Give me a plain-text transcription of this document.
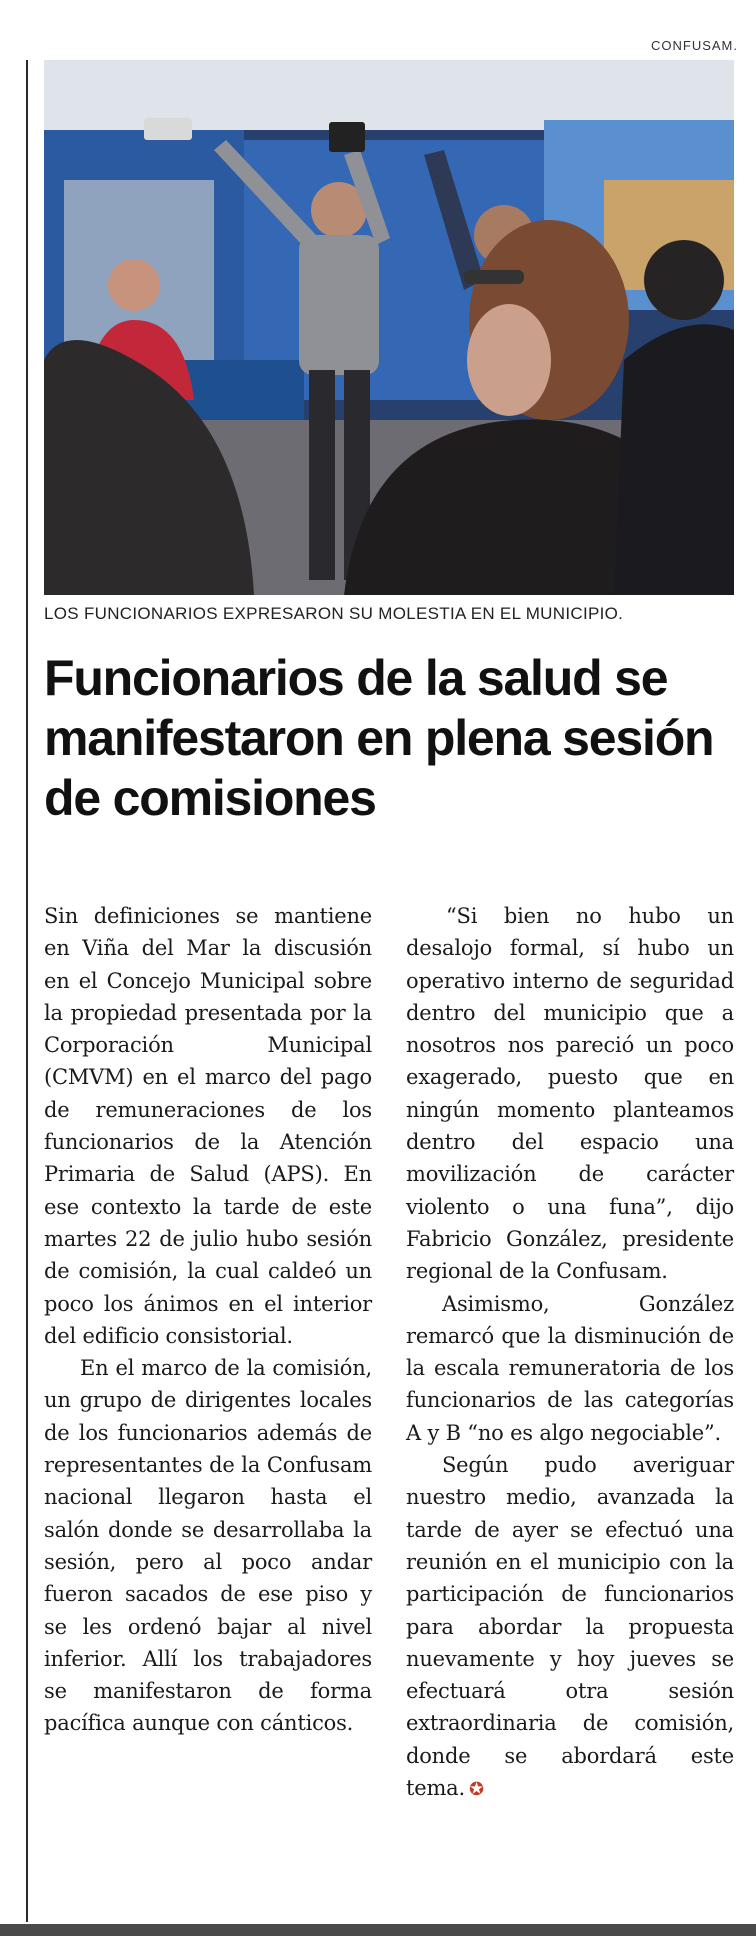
CONFUSAM.
LOS FUNCIONARIOS EXPRESARON SU MOLESTIA EN EL MUNICIPIO.
Funcionarios de la salud se manifestaron en plena sesión de comisiones

Sin definiciones se mantiene en Viña del Mar la discusión en el Concejo Municipal sobre la propiedad presentada por la Corporación Municipal (CMVM) en el marco del pago de remuneraciones de los funcionarios de la Atención Primaria de Salud (APS). En ese contexto la tarde de este martes 22 de julio hubo sesión de comisión, la cual caldeó un poco los ánimos en el interior del edificio consistorial.

En el marco de la comisión, un grupo de dirigentes locales de los funcionarios además de representantes de la Confusam nacional llegaron hasta el salón donde se desarrollaba la sesión, pero al poco andar fueron sacados de ese piso y se les ordenó bajar al nivel inferior. Allí los trabajadores se manifestaron de forma pacífica aunque con cánticos.

“Si bien no hubo un desalojo formal, sí hubo un operativo interno de seguridad dentro del municipio que a nosotros nos pareció un poco exagerado, puesto que en ningún momento planteamos dentro del espacio una movilización de carácter violento o una funa”, dijo Fabricio González, presidente regional de la Confusam.

Asimismo, González remarcó que la disminución de la escala remuneratoria de los funcionarios de las categorías A y B “no es algo negociable”.

Según pudo averiguar nuestro medio, avanzada la tarde de ayer se efectuó una reunión en el municipio con la participación de funcionarios para abordar la propuesta nuevamente y hoy jueves se efectuará otra sesión extraordinaria de comisión, donde se abordará este tema. ✪
